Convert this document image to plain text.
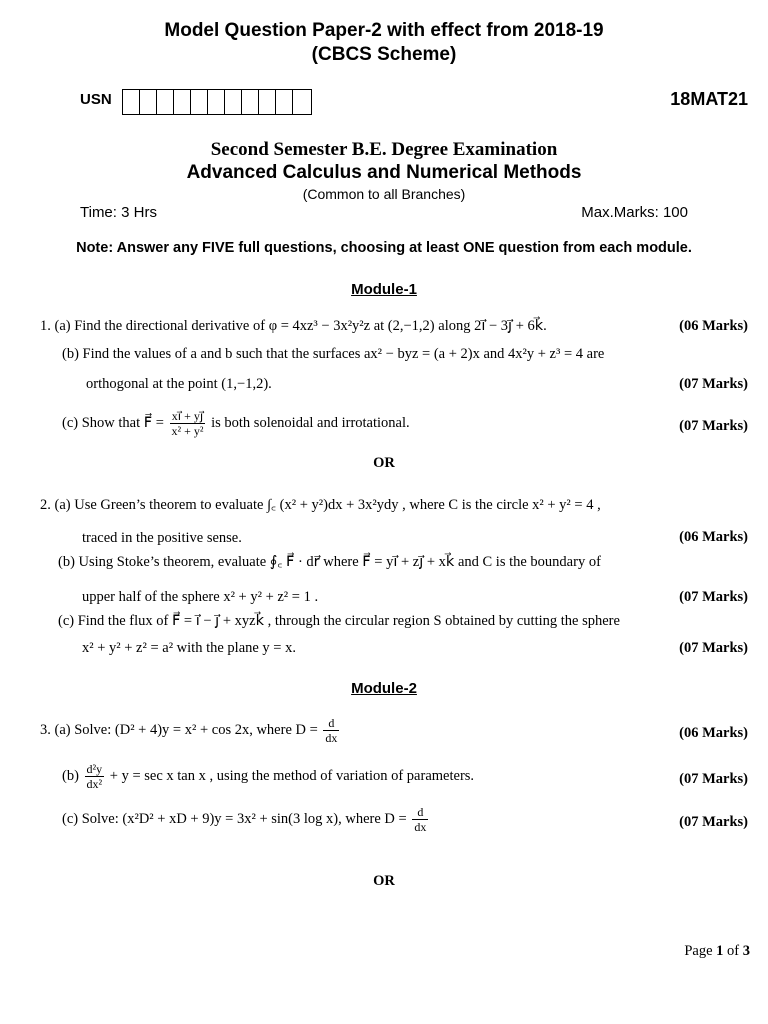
Model Question Paper-2 with effect from 2018-19
(CBCS Scheme)
USN	18MAT21
Second Semester B.E. Degree Examination
Advanced Calculus and Numerical Methods
(Common to all Branches)
Time: 3 Hrs	Max.Marks: 100
Note: Answer any FIVE full questions, choosing at least ONE question from each module.
Module-1
1. (a) Find the directional derivative of φ = 4xz³ − 3x²y²z at (2,−1,2) along 2i⃗ − 3j⃗ + 6k⃗.	(06 Marks)
(b) Find the values of a and b such that the surfaces ax² − byz = (a + 2)x and 4x²y + z³ = 4 are
orthogonal at the point (1,−1,2).	(07 Marks)
(c) Show that F⃗ = $\frac{xi⃗ + yj⃗}{\text{x² + y²}}$ is both solenoidal and irrotational.	(07 Marks)
OR
2. (a) Use Green’s theorem to evaluate ∫꜀ (x² + y²)dx + 3x²ydy , where C is the circle x² + y² = 4 ,
traced in the positive sense.	(06 Marks)
(b) Using Stoke’s theorem, evaluate ∮꜀ F⃗ · dr⃗ where F⃗ = yi⃗ + zj⃗ + xk⃗ and C is the boundary of
upper half of the sphere x² + y² + z² = 1 .	(07 Marks)
(c) Find the flux of F⃗ = i⃗ − j⃗ + xyzk⃗ , through the circular region S obtained by cutting the sphere
x² + y² + z² = a² with the plane y = x.	(07 Marks)
Module-2
3. (a) Solve: (D² + 4)y = x² + cos 2x, where $D = \frac{d}{dx}$	(06 Marks)
$(b) \frac{\text{d²y}}{\text{dx²}} + y = \sec x$ tan x , using the method of variation of parameters.	(07 Marks)
(c) Solve: (x²D² + xD + 9)y = 3x² + sin(3 log x), where $D = \frac{d}{dx}$	(07 Marks)
OR
Page 1 of 3
